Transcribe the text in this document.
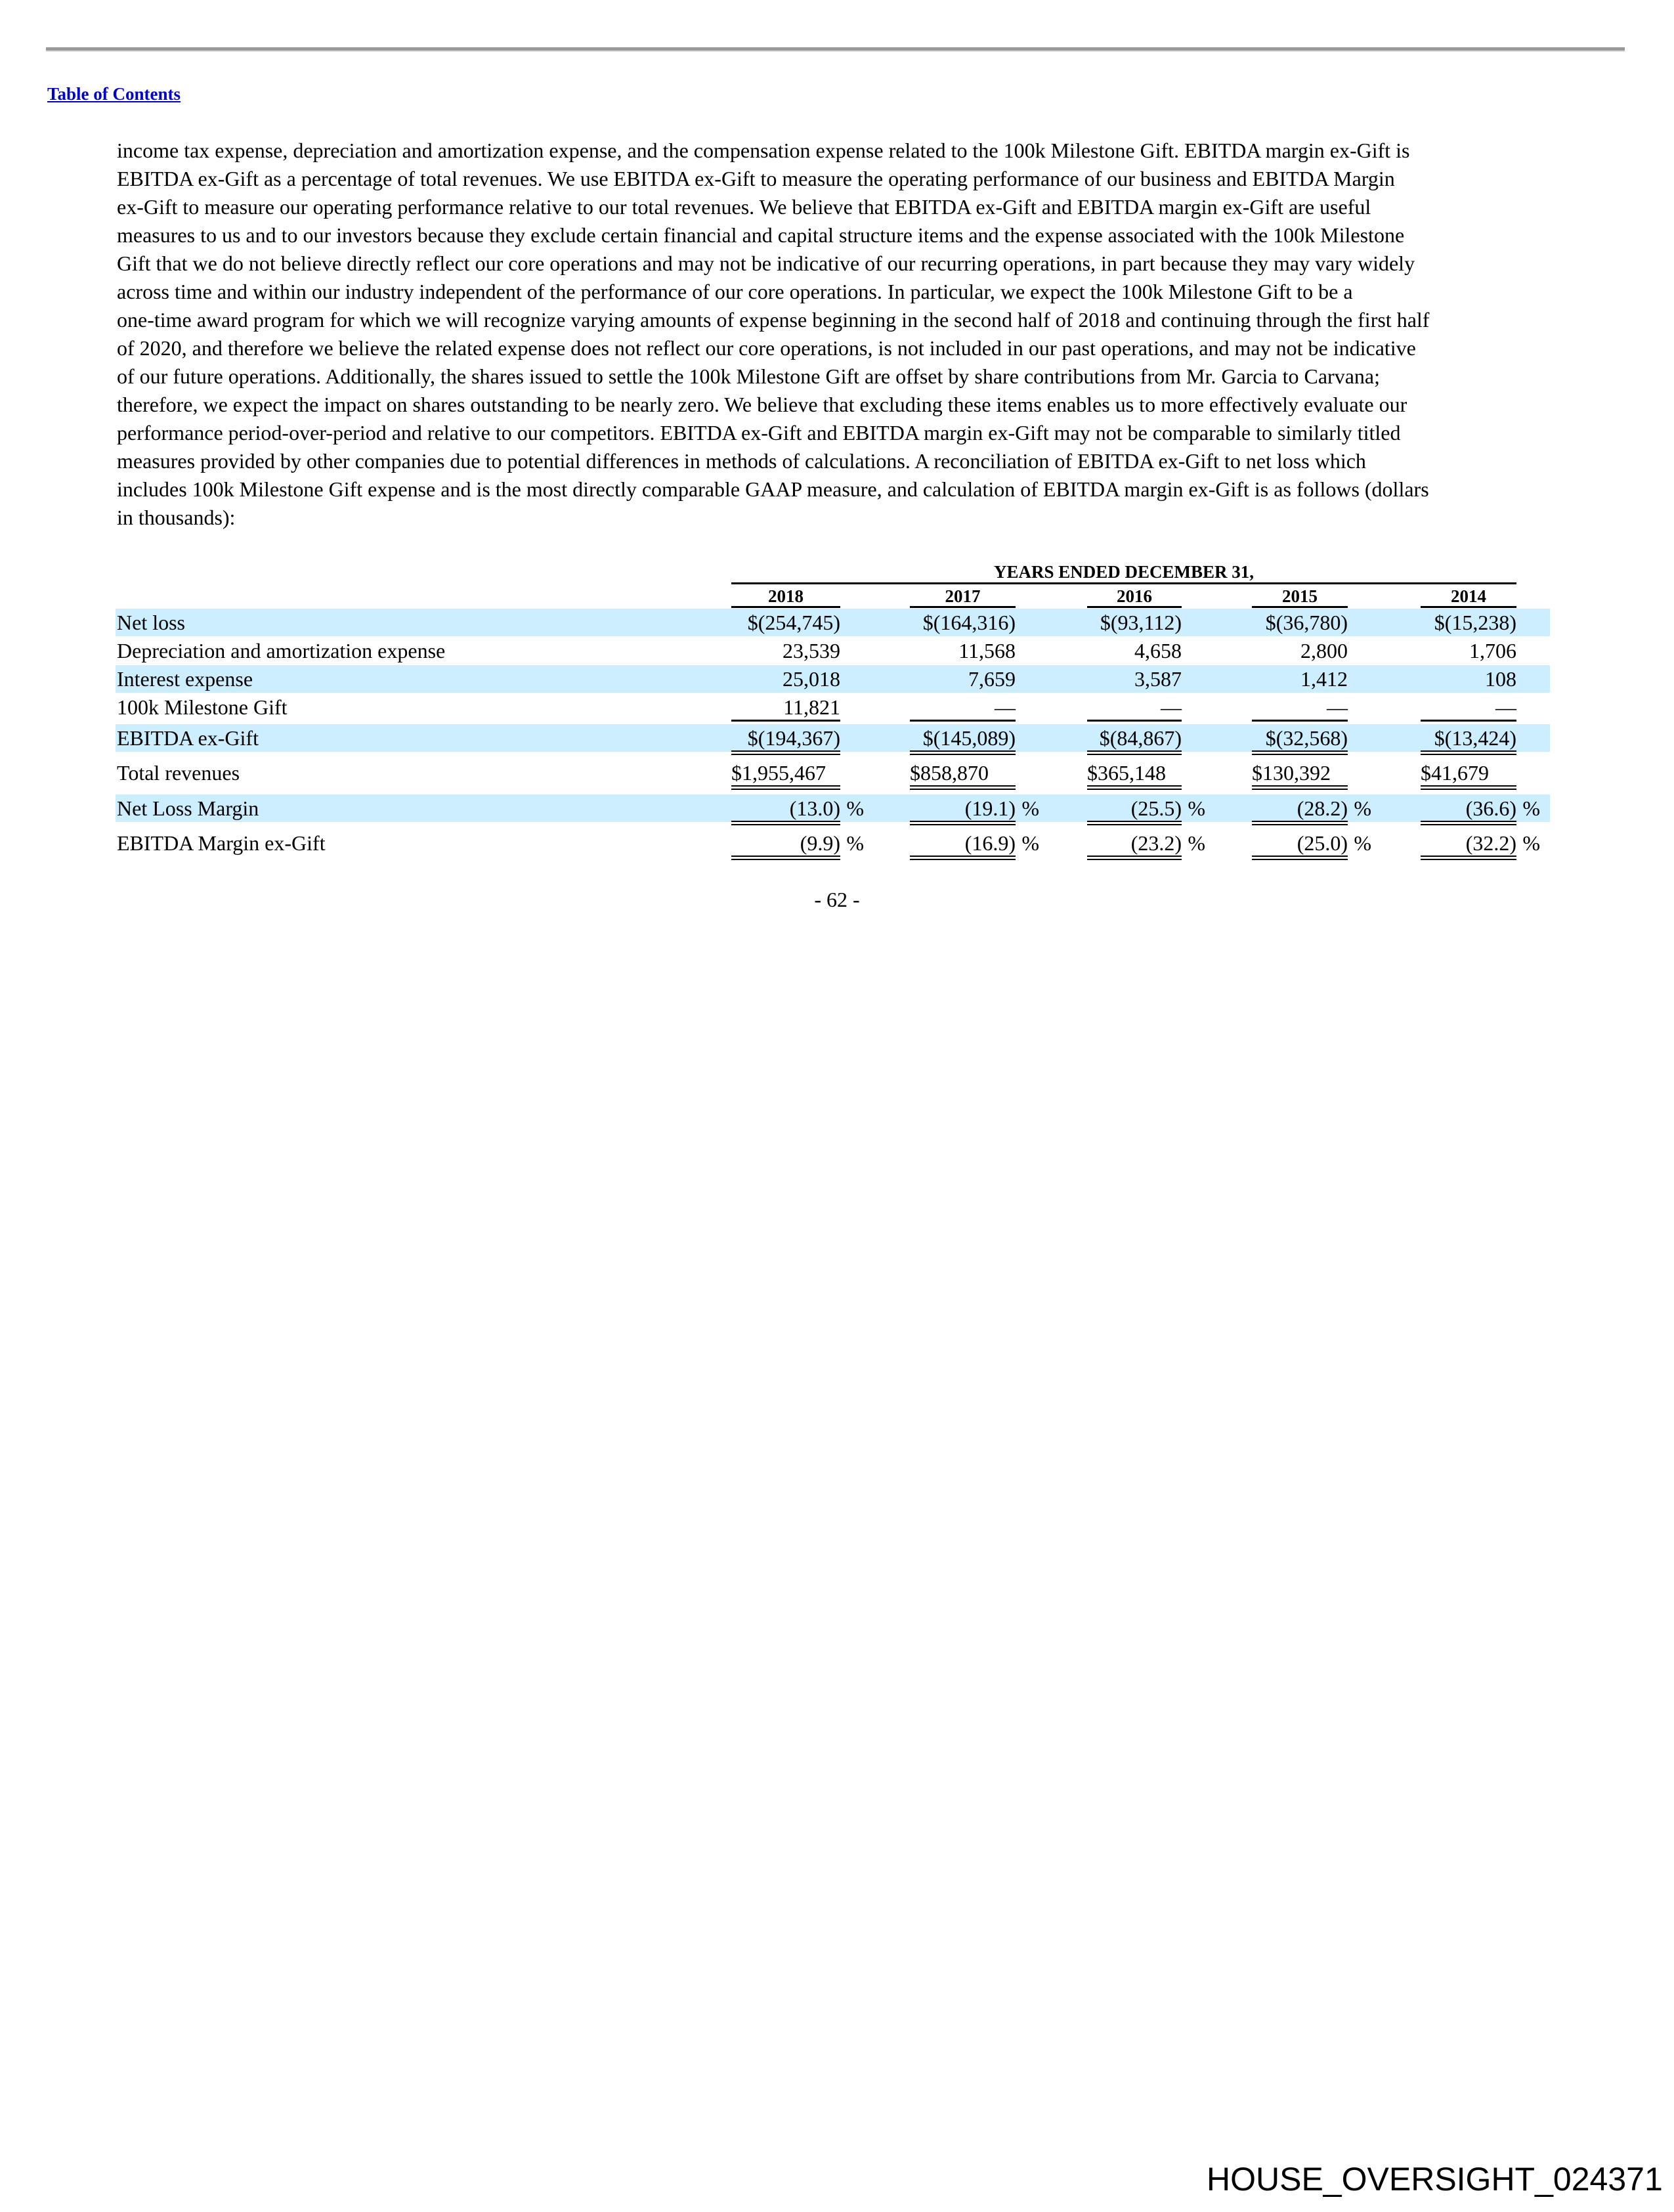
Table of Contents
income tax expense, depreciation and amortization expense, and the compensation expense related to the 100k Milestone Gift. EBITDA margin ex-Gift is
EBITDA ex-Gift as a percentage of total revenues. We use EBITDA ex-Gift to measure the operating performance of our business and EBITDA Margin
ex-Gift to measure our operating performance relative to our total revenues. We believe that EBITDA ex-Gift and EBITDA margin ex-Gift are useful
measures to us and to our investors because they exclude certain financial and capital structure items and the expense associated with the 100k Milestone
Gift that we do not believe directly reflect our core operations and may not be indicative of our recurring operations, in part because they may vary widely
across time and within our industry independent of the performance of our core operations. In particular, we expect the 100k Milestone Gift to be a
one-time award program for which we will recognize varying amounts of expense beginning in the second half of 2018 and continuing through the first half
of 2020, and therefore we believe the related expense does not reflect our core operations, is not included in our past operations, and may not be indicative
of our future operations. Additionally, the shares issued to settle the 100k Milestone Gift are offset by share contributions from Mr. Garcia to Carvana;
therefore, we expect the impact on shares outstanding to be nearly zero. We believe that excluding these items enables us to more effectively evaluate our
performance period-over-period and relative to our competitors. EBITDA ex-Gift and EBITDA margin ex-Gift may not be comparable to similarly titled
measures provided by other companies due to potential differences in methods of calculations. A reconciliation of EBITDA ex-Gift to net loss which
includes 100k Milestone Gift expense and is the most directly comparable GAAP measure, and calculation of EBITDA margin ex-Gift is as follows (dollars
in thousands):
YEARS ENDED DECEMBER 31,
2018	2017	2016	2015	2014
Net loss	$(254,745)	$(164,316)	$(93,112)	$(36,780)	$(15,238)
Depreciation and amortization expense	23,539	11,568	4,658	2,800	1,706
Interest expense	25,018	7,659	3,587	1,412	108
100k Milestone Gift	11,821	—	—	—	—
EBITDA ex-Gift	$(194,367)	$(145,089)	$(84,867)	$(32,568)	$(13,424)
Total revenues	$1,955,467	$858,870	$365,148	$130,392	$41,679
Net Loss Margin	(13.0) %	(19.1) %	(25.5) %	(28.2) %	(36.6) %
EBITDA Margin ex-Gift	(9.9) %	(16.9) %	(23.2) %	(25.0) %	(32.2) %
- 62 -
HOUSE_OVERSIGHT_024371
